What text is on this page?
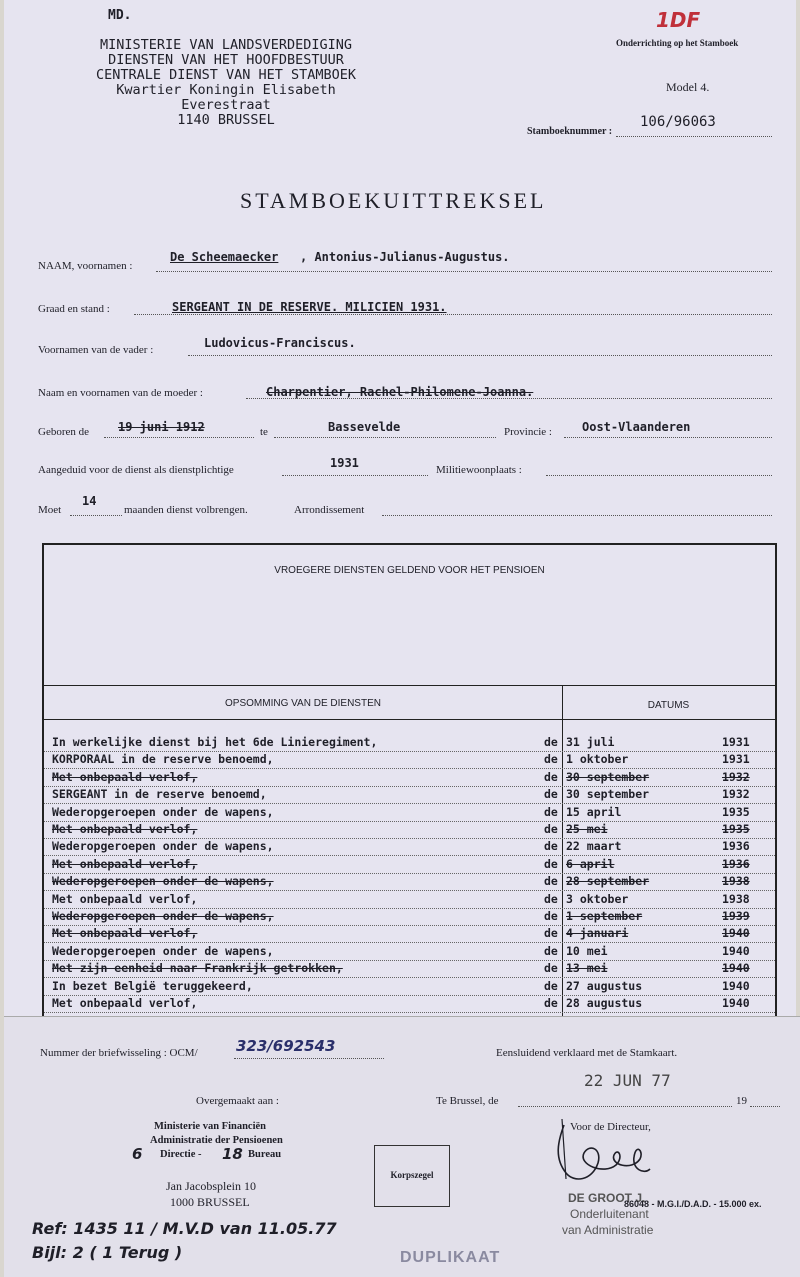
MD.
MINISTERIE VAN LANDSVERDEDIGING
DIENSTEN VAN HET HOOFDBESTUUR
CENTRALE DIENST VAN HET STAMBOEK
Kwartier Koningin Elisabeth
Everestraat
1140 BRUSSEL
1DF
Onderrichting op het Stamboek
Model 4.
Stamboeknummer :
106/96063
STAMBOEKUITTREKSEL
NAAM, voornamen :
De Scheemaecker , Antonius-Julianus-Augustus.
Graad en stand :	SERGEANT IN DE RESERVE. MILICIEN 1931.
Voornamen van de vader :	Ludovicus-Franciscus.
Naam en voornamen van de moeder :	Charpentier, Rachel-Philomene-Joanna.
Geboren de 19 juni 1912	te	Bassevelde	Provincie :	Oost-Vlaanderen
Aangeduid voor de dienst als dienstplichtige	1931	Militiewoonplaats :
Moet
14
maanden dienst volbrengen.	Arrondissement
VROEGERE DIENSTEN GELDEND VOOR HET PENSIOEN
OPSOMMING VAN DE DIENSTEN	DATUMS
In werkelijke dienst bij het 6de Linieregiment,	de 31 juli	1931
KORPORAAL in de reserve benoemd,	de 1 oktober	1931
Met onbepaald verlof,	de 30 september	1932
SERGEANT in de reserve benoemd,	de 30 september	1932
Wederopgeroepen onder de wapens,	de 15 april	1935
Met onbepaald verlof,	de 25 mei	1935
Wederopgeroepen onder de wapens,	de 22 maart	1936
Met onbepaald verlof,	de 6 april	1936
Wederopgeroepen onder de wapens,	de 28 september	1938
Met onbepaald verlof,	de 3 oktober	1938
Wederopgeroepen onder de wapens,	de 1 september	1939
Met onbepaald verlof,	de 4 januari	1940
Wederopgeroepen onder de wapens,	de 10 mei	1940
Met zijn eenheid naar Frankrijk getrokken,	de 13 mei	1940
In bezet België teruggekeerd,	de 27 augustus	1940
Met onbepaald verlof,	de 28 augustus	1940
Nummer der briefwisseling : OCM/	323/692543	Eensluidend verklaard met de Stamkaart.
22 JUN 77
Overgemaakt aan :	Te Brussel, de	19
Voor de Directeur,
Ministerie van Financiën
Administratie der Pensioenen
6 Directie - 18 Bureau
Jan Jacobsplein 10
1000 BRUSSEL
Korpszegel
DE GROOT J.
Onderluitenant
van Administratie
86048 - M.G.I./D.A.D. - 15.000 ex.
Ref: 1435 11 / M.V.D van 11.05.77
Bijl: 2 ( 1 Terug )	DUPLIKAAT
